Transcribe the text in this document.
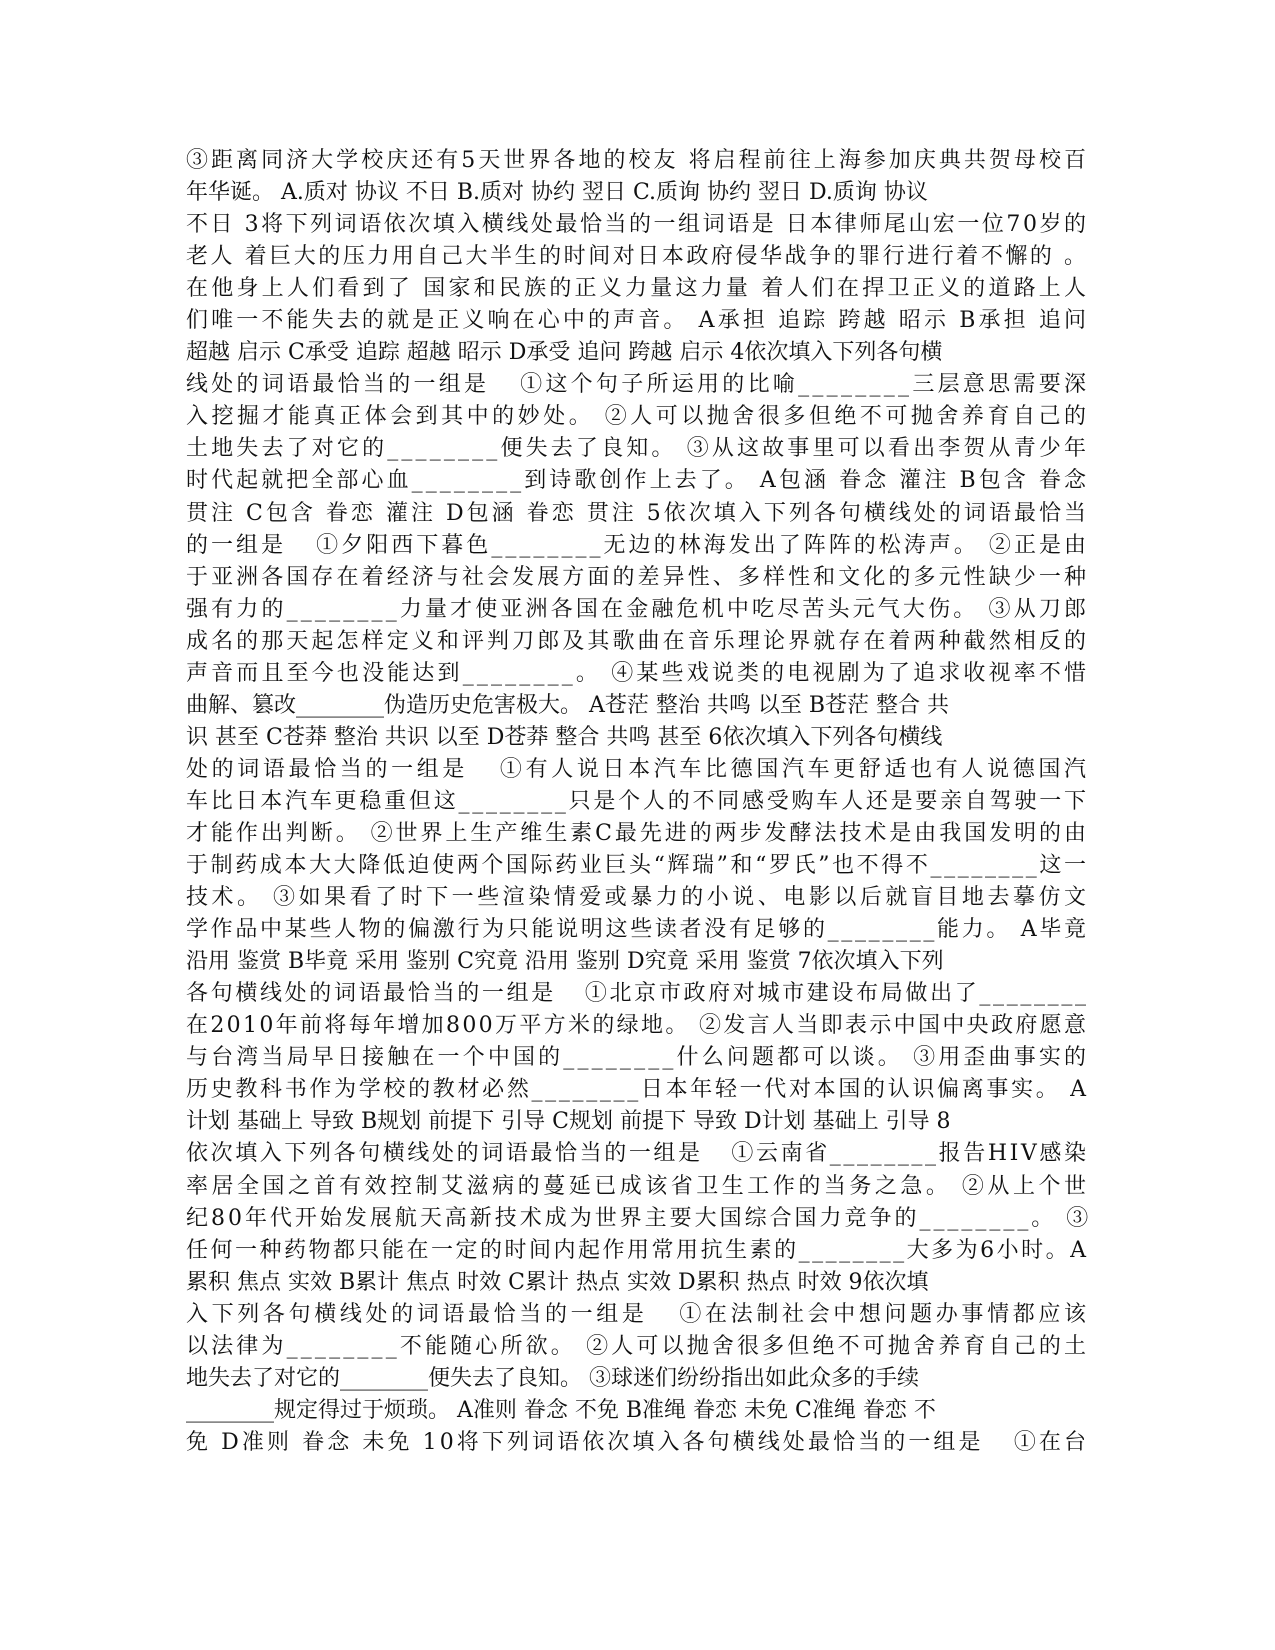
③距离同济大学校庆还有5天世界各地的校友 将启程前往上海参加庆典共贺母校百
年华诞。 A.质对 协议 不日 B.质对 协约 翌日 C.质询 协约 翌日 D.质询 协议
不日 3将下列词语依次填入横线处最恰当的一组词语是 日本律师尾山宏一位70岁的
老人 着巨大的压力用自己大半生的时间对日本政府侵华战争的罪行进行着不懈的 。
在他身上人们看到了 国家和民族的正义力量这力量 着人们在捍卫正义的道路上人
们唯一不能失去的就是正义响在心中的声音。 A承担 追踪 跨越 昭示 B承担 追问
超越 启示 C承受 追踪 超越 昭示 D承受 追问 跨越 启示 4依次填入下列各句横
线处的词语最恰当的一组是   ①这个句子所运用的比喻________三层意思需要深
入挖掘才能真正体会到其中的妙处。 ②人可以抛舍很多但绝不可抛舍养育自己的
土地失去了对它的________便失去了良知。 ③从这故事里可以看出李贺从青少年
时代起就把全部心血________到诗歌创作上去了。 A包涵 眷念 灌注 B包含 眷念
贯注 C包含 眷恋 灌注 D包涵 眷恋 贯注 5依次填入下列各句横线处的词语最恰当
的一组是   ①夕阳西下暮色________无边的林海发出了阵阵的松涛声。 ②正是由
于亚洲各国存在着经济与社会发展方面的差异性、多样性和文化的多元性缺少一种
强有力的________力量才使亚洲各国在金融危机中吃尽苦头元气大伤。 ③从刀郎
成名的那天起怎样定义和评判刀郎及其歌曲在音乐理论界就存在着两种截然相反的
声音而且至今也没能达到________。 ④某些戏说类的电视剧为了追求收视率不惜
曲解、篡改________伪造历史危害极大。 A苍茫 整治 共鸣 以至 B苍茫 整合 共
识 甚至 C苍莽 整治 共识 以至 D苍莽 整合 共鸣 甚至 6依次填入下列各句横线
处的词语最恰当的一组是   ①有人说日本汽车比德国汽车更舒适也有人说德国汽
车比日本汽车更稳重但这________只是个人的不同感受购车人还是要亲自驾驶一下
才能作出判断。 ②世界上生产维生素C最先进的两步发酵法技术是由我国发明的由
于制药成本大大降低迫使两个国际药业巨头“辉瑞”和“罗氏”也不得不________这一
技术。 ③如果看了时下一些渲染情爱或暴力的小说、电影以后就盲目地去摹仿文
学作品中某些人物的偏激行为只能说明这些读者没有足够的________能力。 A毕竟
沿用 鉴赏 B毕竟 采用 鉴别 C究竟 沿用 鉴别 D究竟 采用 鉴赏 7依次填入下列
各句横线处的词语最恰当的一组是   ①北京市政府对城市建设布局做出了________
在2010年前将每年增加800万平方米的绿地。 ②发言人当即表示中国中央政府愿意
与台湾当局早日接触在一个中国的________什么问题都可以谈。 ③用歪曲事实的
历史教科书作为学校的教材必然________日本年轻一代对本国的认识偏离事实。 A
计划 基础上 导致 B规划 前提下 引导 C规划 前提下 导致 D计划 基础上 引导 8
依次填入下列各句横线处的词语最恰当的一组是   ①云南省________报告HIV感染
率居全国之首有效控制艾滋病的蔓延已成该省卫生工作的当务之急。 ②从上个世
纪80年代开始发展航天高新技术成为世界主要大国综合国力竞争的________。 ③
任何一种药物都只能在一定的时间内起作用常用抗生素的________大多为6小时。A
累积 焦点 实效 B累计 焦点 时效 C累计 热点 实效 D累积 热点 时效 9依次填
入下列各句横线处的词语最恰当的一组是   ①在法制社会中想问题办事情都应该
以法律为________不能随心所欲。 ②人可以抛舍很多但绝不可抛舍养育自己的土
地失去了对它的________便失去了良知。 ③球迷们纷纷指出如此众多的手续
________规定得过于烦琐。 A准则 眷念 不免 B准绳 眷恋 未免 C准绳 眷恋 不
免 D准则 眷念 未免 10将下列词语依次填入各句横线处最恰当的一组是   ①在台
